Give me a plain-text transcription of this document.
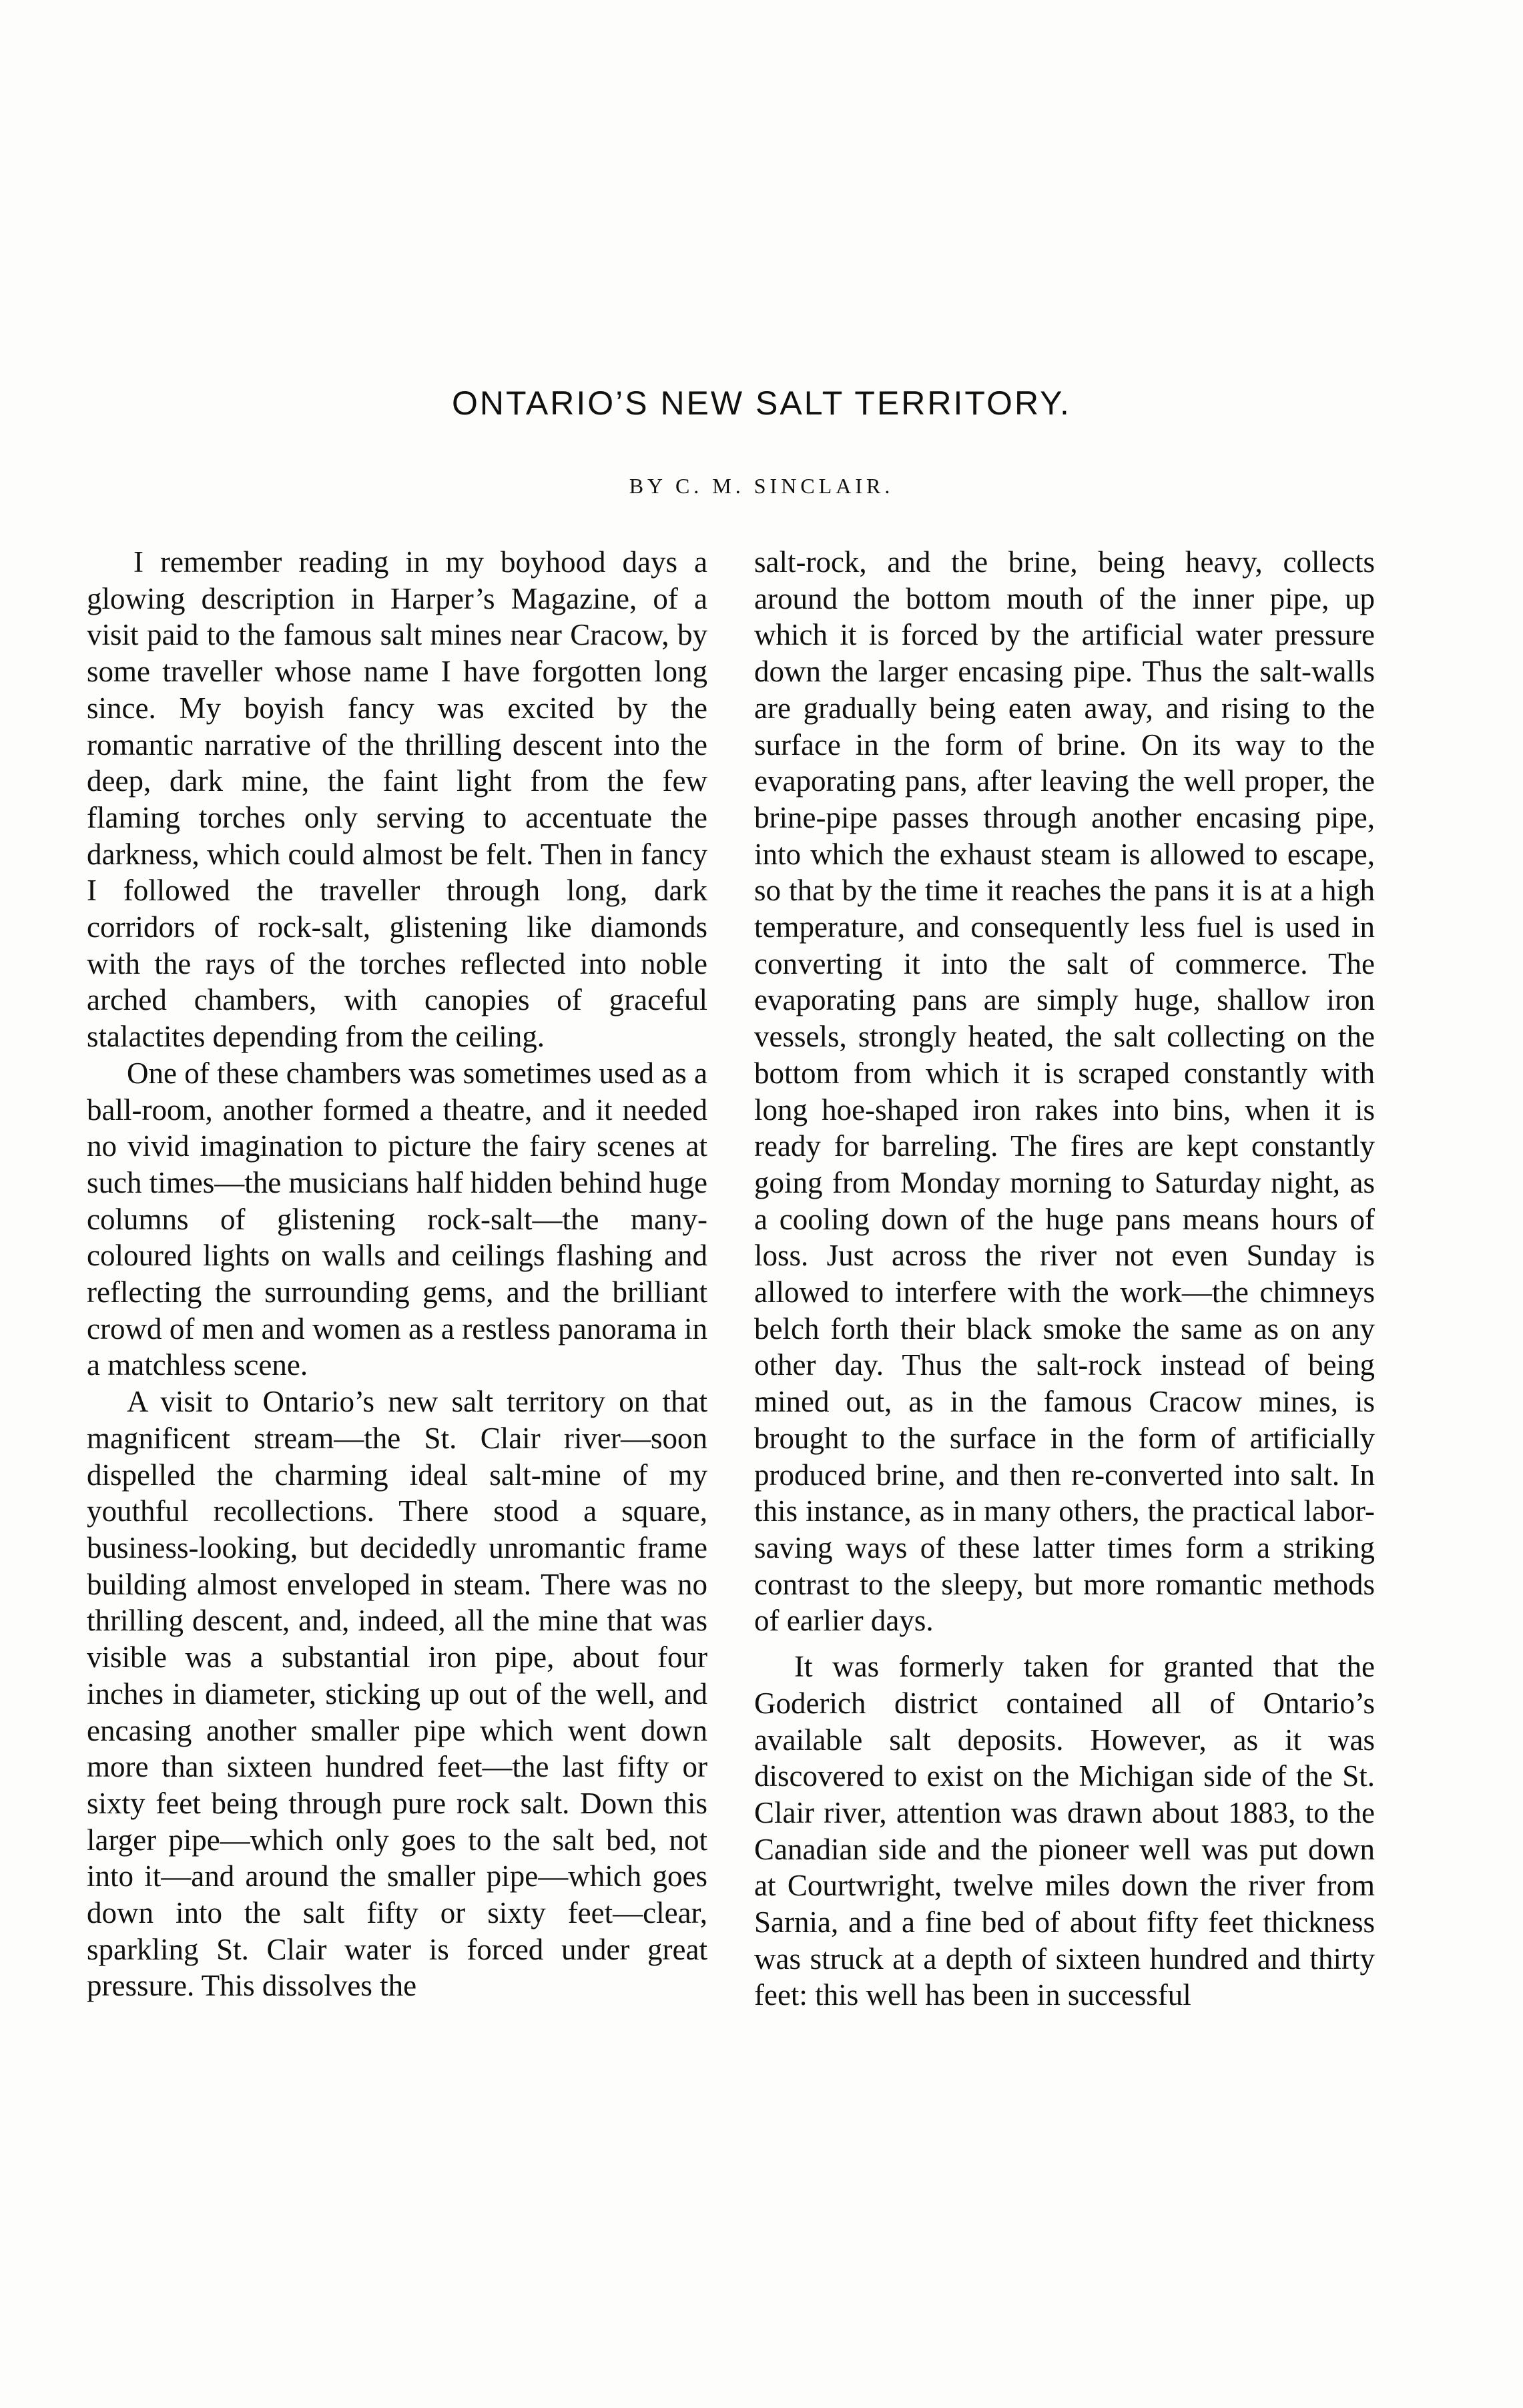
ONTARIO’S NEW SALT TERRITORY.
BY C. M. SINCLAIR.

I remember reading in my boyhood days a glowing description in Harper’s Magazine, of a visit paid to the famous salt mines near Cracow, by some traveller whose name I have forgotten long since. My boyish fancy was excited by the romantic narrative of the thrilling descent into the deep, dark mine, the faint light from the few flaming torches only serving to accentuate the darkness, which could almost be felt. Then in fancy I followed the traveller through long, dark corridors of rock-salt, glistening like diamonds with the rays of the torches reflected into noble arched chambers, with canopies of graceful stalactites depending from the ceiling.

One of these chambers was sometimes used as a ball-room, another formed a theatre, and it needed no vivid imagination to picture the fairy scenes at such times—the musicians half hidden behind huge columns of glistening rock-salt—the many-coloured lights on walls and ceilings flashing and reflecting the surrounding gems, and the brilliant crowd of men and women as a restless panorama in a matchless scene.

A visit to Ontario’s new salt territory on that magnificent stream—the St. Clair river—soon dispelled the charming ideal salt-mine of my youthful recollections. There stood a square, business-looking, but decidedly unromantic frame building almost enveloped in steam. There was no thrilling descent, and, indeed, all the mine that was visible was a substantial iron pipe, about four inches in diameter, sticking up out of the well, and encasing another smaller pipe which went down more than sixteen hundred feet—the last fifty or sixty feet being through pure rock salt. Down this larger pipe—which only goes to the salt bed, not into it—and around the smaller pipe—which goes down into the salt fifty or sixty feet—clear, sparkling St. Clair water is forced under great pressure. This dissolves the

salt-rock, and the brine, being heavy, collects around the bottom mouth of the inner pipe, up which it is forced by the artificial water pressure down the larger encasing pipe. Thus the salt-walls are gradually being eaten away, and rising to the surface in the form of brine. On its way to the evaporating pans, after leaving the well proper, the brine-pipe passes through another encasing pipe, into which the exhaust steam is allowed to escape, so that by the time it reaches the pans it is at a high temperature, and consequently less fuel is used in converting it into the salt of commerce. The evaporating pans are simply huge, shallow iron vessels, strongly heated, the salt collecting on the bottom from which it is scraped constantly with long hoe-shaped iron rakes into bins, when it is ready for barreling. The fires are kept constantly going from Monday morning to Saturday night, as a cooling down of the huge pans means hours of loss. Just across the river not even Sunday is allowed to interfere with the work—the chimneys belch forth their black smoke the same as on any other day. Thus the salt-rock instead of being mined out, as in the famous Cracow mines, is brought to the surface in the form of artificially produced brine, and then re-converted into salt. In this instance, as in many others, the practical labor-saving ways of these latter times form a striking contrast to the sleepy, but more romantic methods of earlier days.

It was formerly taken for granted that the Goderich district contained all of Ontario’s available salt deposits. However, as it was discovered to exist on the Michigan side of the St. Clair river, attention was drawn about 1883, to the Canadian side and the pioneer well was put down at Courtwright, twelve miles down the river from Sarnia, and a fine bed of about fifty feet thickness was struck at a depth of sixteen hundred and thirty feet: this well has been in successful
